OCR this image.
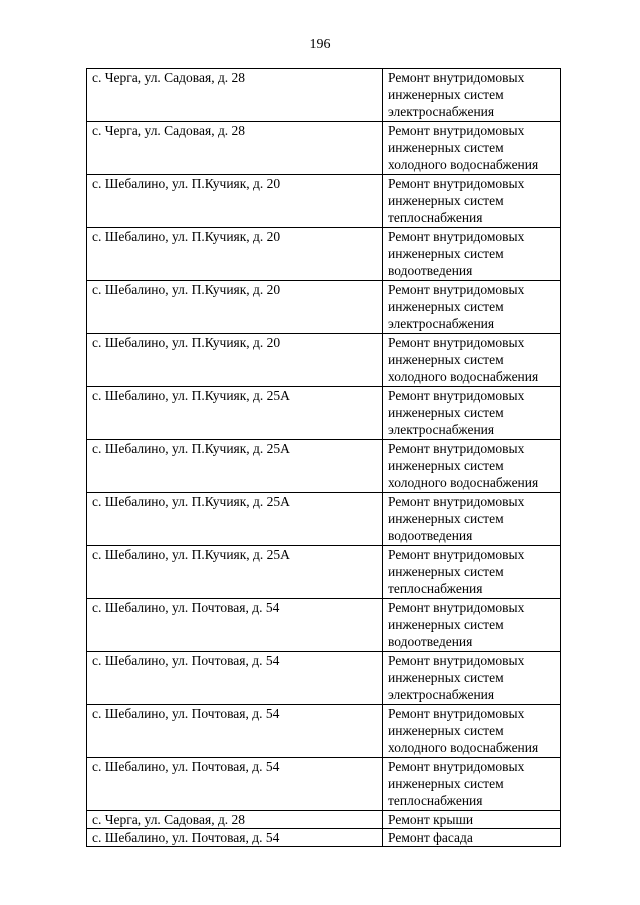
196
с. Черга, ул. Садовая, д. 28	Ремонт внутридомовых
инженерных систем
электроснабжения

с. Черга, ул. Садовая, д. 28	Ремонт внутридомовых
инженерных систем
холодного водоснабжения

с. Шебалино, ул. П.Кучияк, д. 20	Ремонт внутридомовых
инженерных систем
теплоснабжения

с. Шебалино, ул. П.Кучияк, д. 20	Ремонт внутридомовых
инженерных систем
водоотведения

с. Шебалино, ул. П.Кучияк, д. 20	Ремонт внутридомовых
инженерных систем
электроснабжения

с. Шебалино, ул. П.Кучияк, д. 20	Ремонт внутридомовых
инженерных систем
холодного водоснабжения

с. Шебалино, ул. П.Кучияк, д. 25А	Ремонт внутридомовых
инженерных систем
электроснабжения

с. Шебалино, ул. П.Кучияк, д. 25А	Ремонт внутридомовых
инженерных систем
холодного водоснабжения

с. Шебалино, ул. П.Кучияк, д. 25А	Ремонт внутридомовых
инженерных систем
водоотведения

с. Шебалино, ул. П.Кучияк, д. 25А	Ремонт внутридомовых
инженерных систем
теплоснабжения

с. Шебалино, ул. Почтовая, д. 54	Ремонт внутридомовых
инженерных систем
водоотведения

с. Шебалино, ул. Почтовая, д. 54	Ремонт внутридомовых
инженерных систем
электроснабжения

с. Шебалино, ул. Почтовая, д. 54	Ремонт внутридомовых
инженерных систем
холодного водоснабжения

с. Шебалино, ул. Почтовая, д. 54	Ремонт внутридомовых
инженерных систем
теплоснабжения

с. Черга, ул. Садовая, д. 28	Ремонт крыши

с. Шебалино, ул. Почтовая, д. 54	Ремонт фасада
